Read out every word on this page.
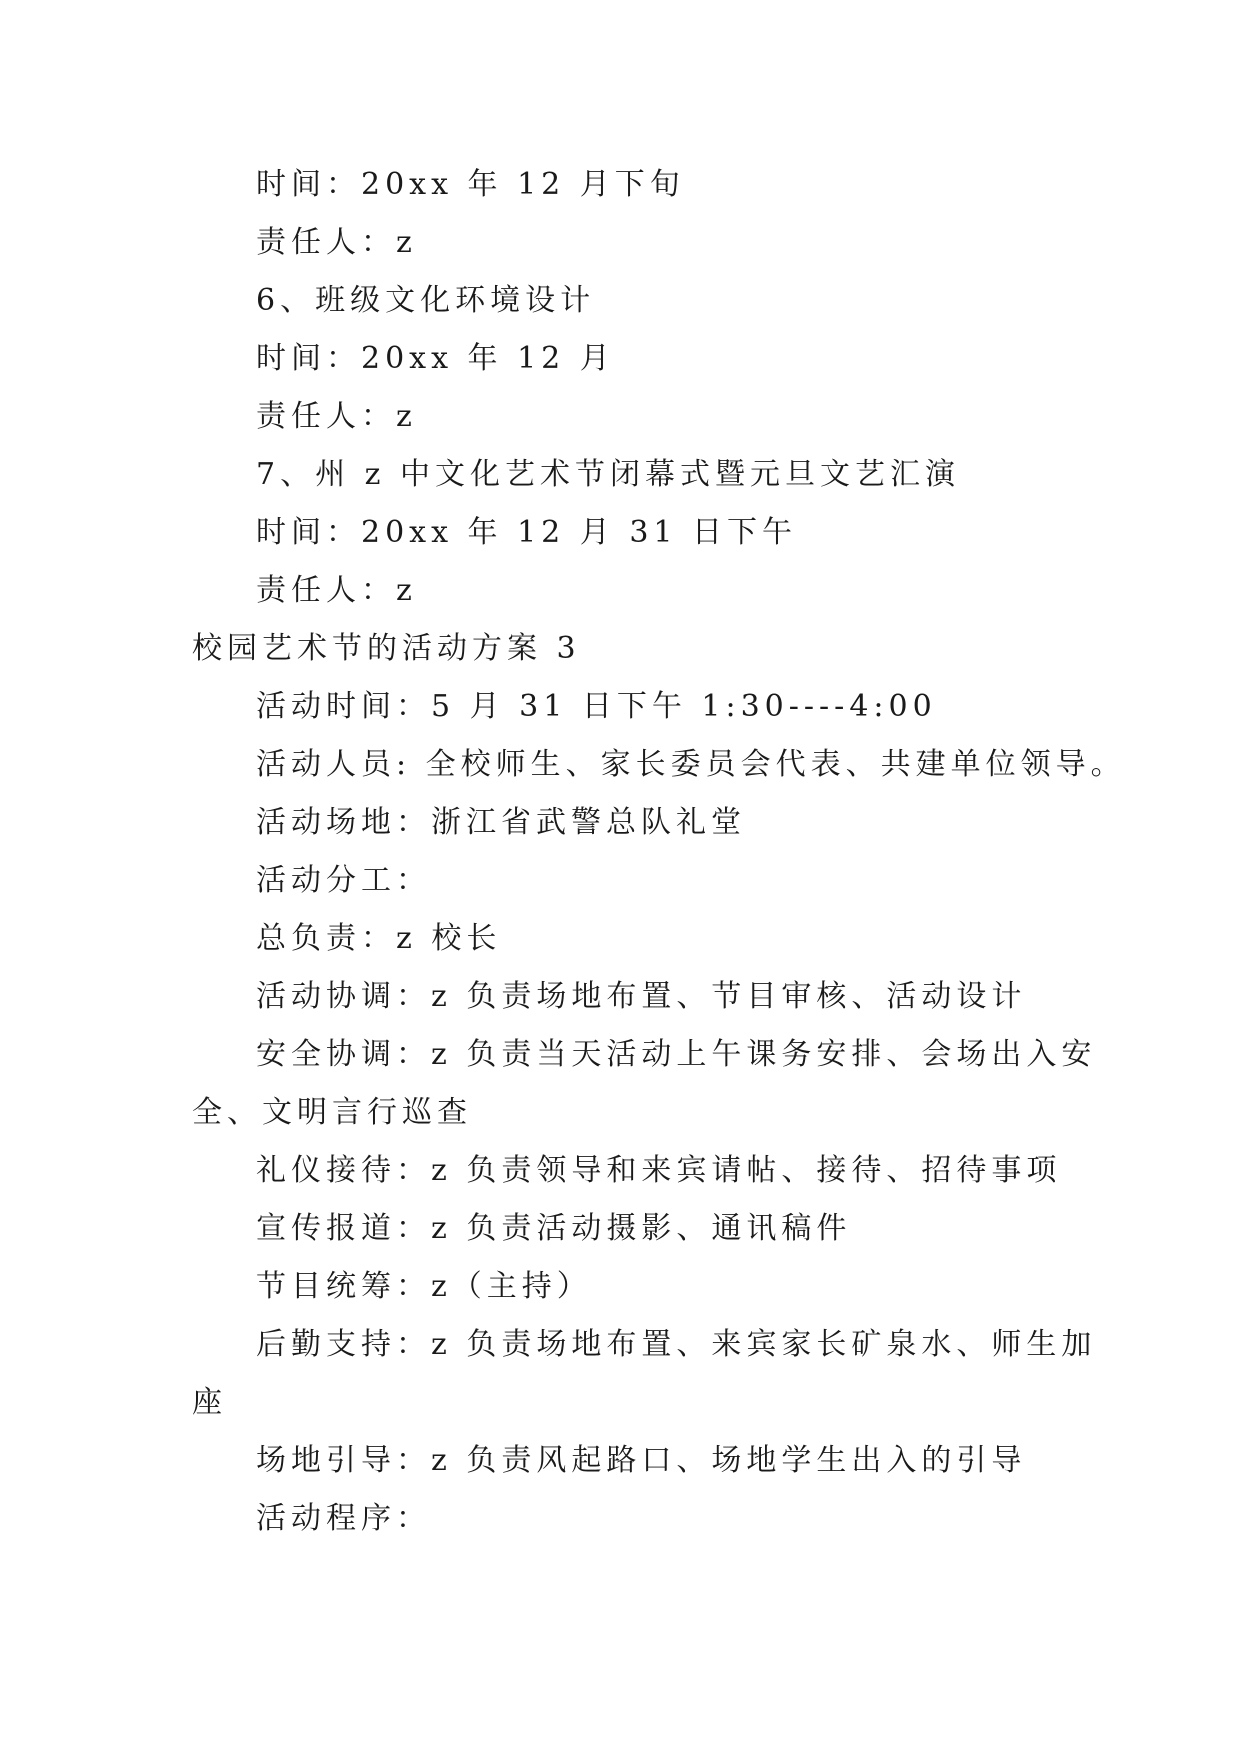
时间：20xx 年 12 月下旬
责任人：z
6、班级文化环境设计
时间：20xx 年 12 月
责任人：z
7、州 z 中文化艺术节闭幕式暨元旦文艺汇演
时间：20xx 年 12 月 31 日下午
责任人：z
校园艺术节的活动方案 3
活动时间：5 月 31 日下午 1:30----4:00
活动人员: 全校师生、家长委员会代表、共建单位领导。
活动场地：浙江省武警总队礼堂
活动分工：
总负责：z 校长
活动协调：z 负责场地布置、节目审核、活动设计
安全协调：z 负责当天活动上午课务安排、会场出入安
全、文明言行巡查
礼仪接待：z 负责领导和来宾请帖、接待、招待事项
宣传报道：z 负责活动摄影、通讯稿件
节目统筹：z（主持）
后勤支持：z 负责场地布置、来宾家长矿泉水、师生加
座
场地引导：z 负责风起路口、场地学生出入的引导
活动程序：
